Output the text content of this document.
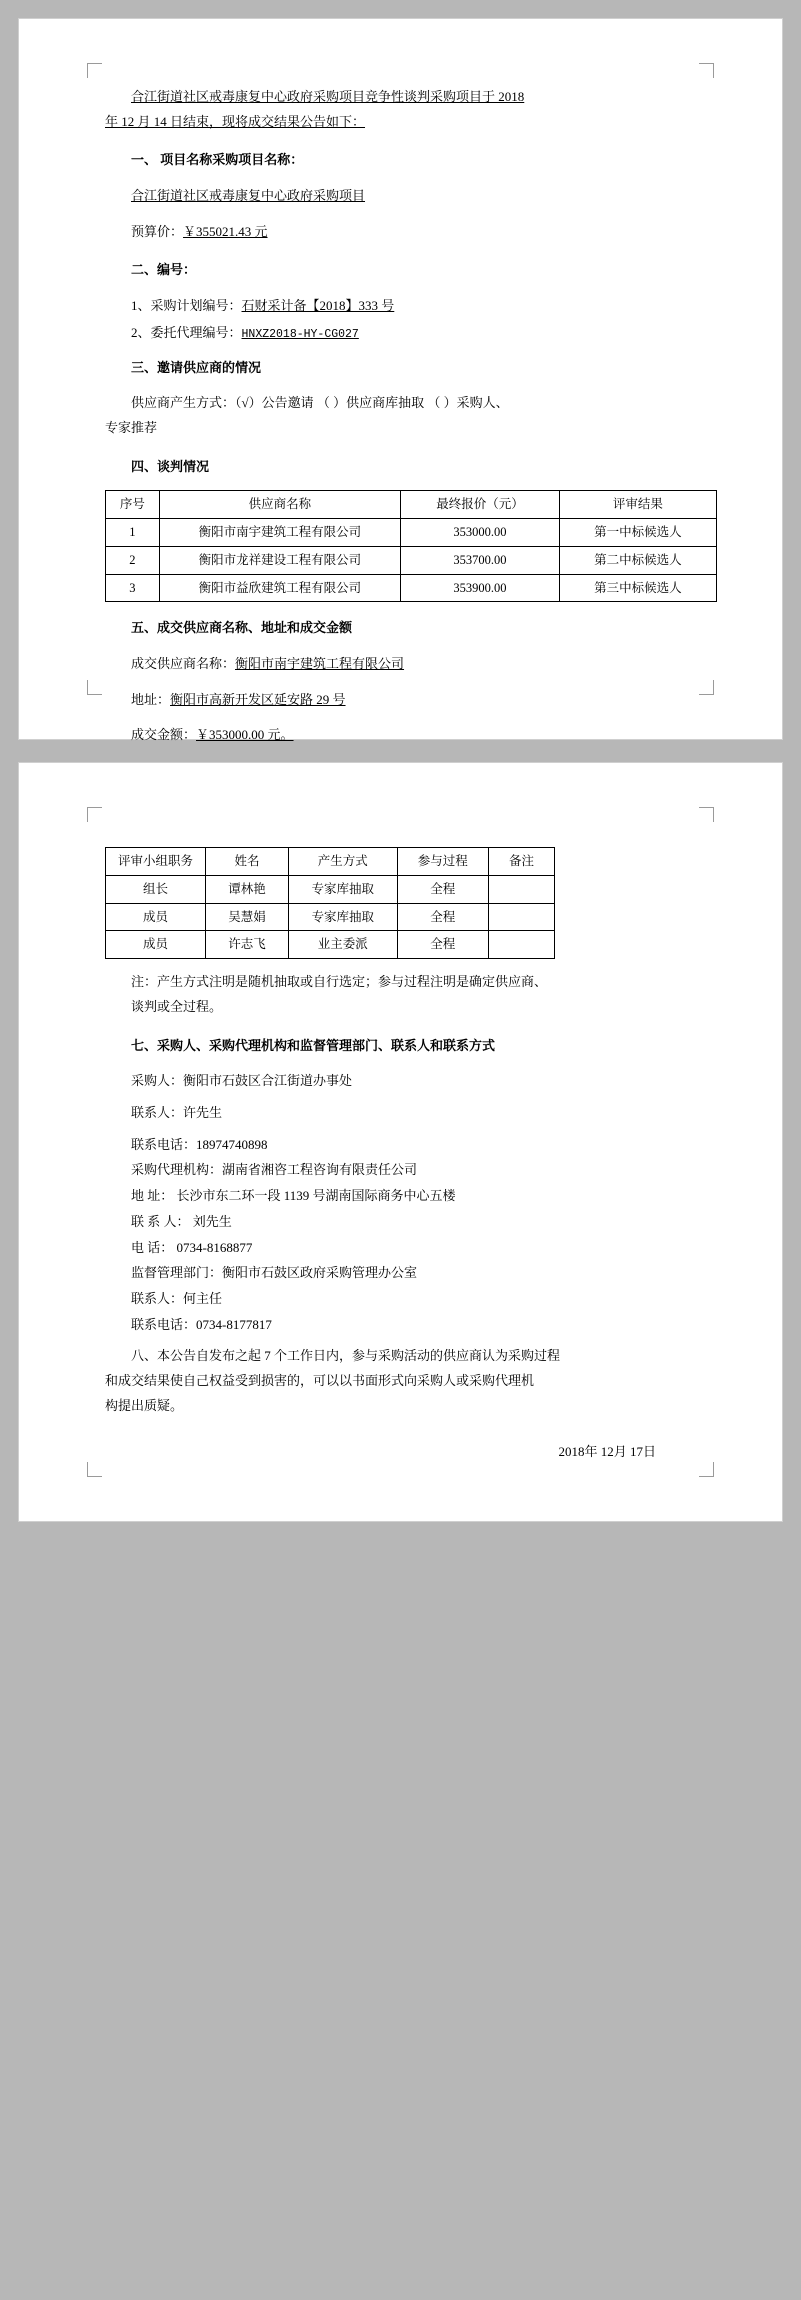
合江街道社区戒毒康复中心政府采购项目竞争性谈判采购项目于 2018
年 12 月 14 日结束，现将成交结果公告如下：
一、 项目名称采购项目名称：
合江街道社区戒毒康复中心政府采购项目
预算价：￥355021.43 元
二、编号：
1、采购计划编号：石财采计备【2018】333 号
2、委托代理编号：HNXZ2018-HY-CG027
三、邀请供应商的情况
供应商产生方式：（√）公告邀请 （ ）供应商库抽取 （ ）采购人、
专家推荐
四、谈判情况
序号	供应商名称	最终报价（元）	评审结果
1	衡阳市南宇建筑工程有限公司	353000.00	第一中标候选人
2	衡阳市龙祥建设工程有限公司	353700.00	第二中标候选人
3	衡阳市益欣建筑工程有限公司	353900.00	第三中标候选人
五、成交供应商名称、地址和成交金额
成交供应商名称：衡阳市南宇建筑工程有限公司
地址：衡阳市高新开发区延安路 29 号
成交金额：￥353000.00 元。
评审小组职务	姓名	产生方式	参与过程	备注
组长	谭林艳	专家库抽取	全程	
成员	吴慧娟	专家库抽取	全程	
成员	许志飞	业主委派	全程	
注：产生方式注明是随机抽取或自行选定；参与过程注明是确定供应商、
谈判或全过程。
七、采购人、采购代理机构和监督管理部门、联系人和联系方式
采购人：衡阳市石鼓区合江街道办事处
联系人：许先生
联系电话：18974740898
采购代理机构：湖南省湘咨工程咨询有限责任公司
地 址： 长沙市东二环一段 1139 号湖南国际商务中心五楼
联 系 人： 刘先生
电 话： 0734-8168877
监督管理部门：衡阳市石鼓区政府采购管理办公室
联系人：何主任
联系电话：0734-8177817
八、本公告自发布之起 7 个工作日内，参与采购活动的供应商认为采购过程
和成交结果使自己权益受到损害的，可以以书面形式向采购人或采购代理机
构提出质疑。
2018年 12月 17日
